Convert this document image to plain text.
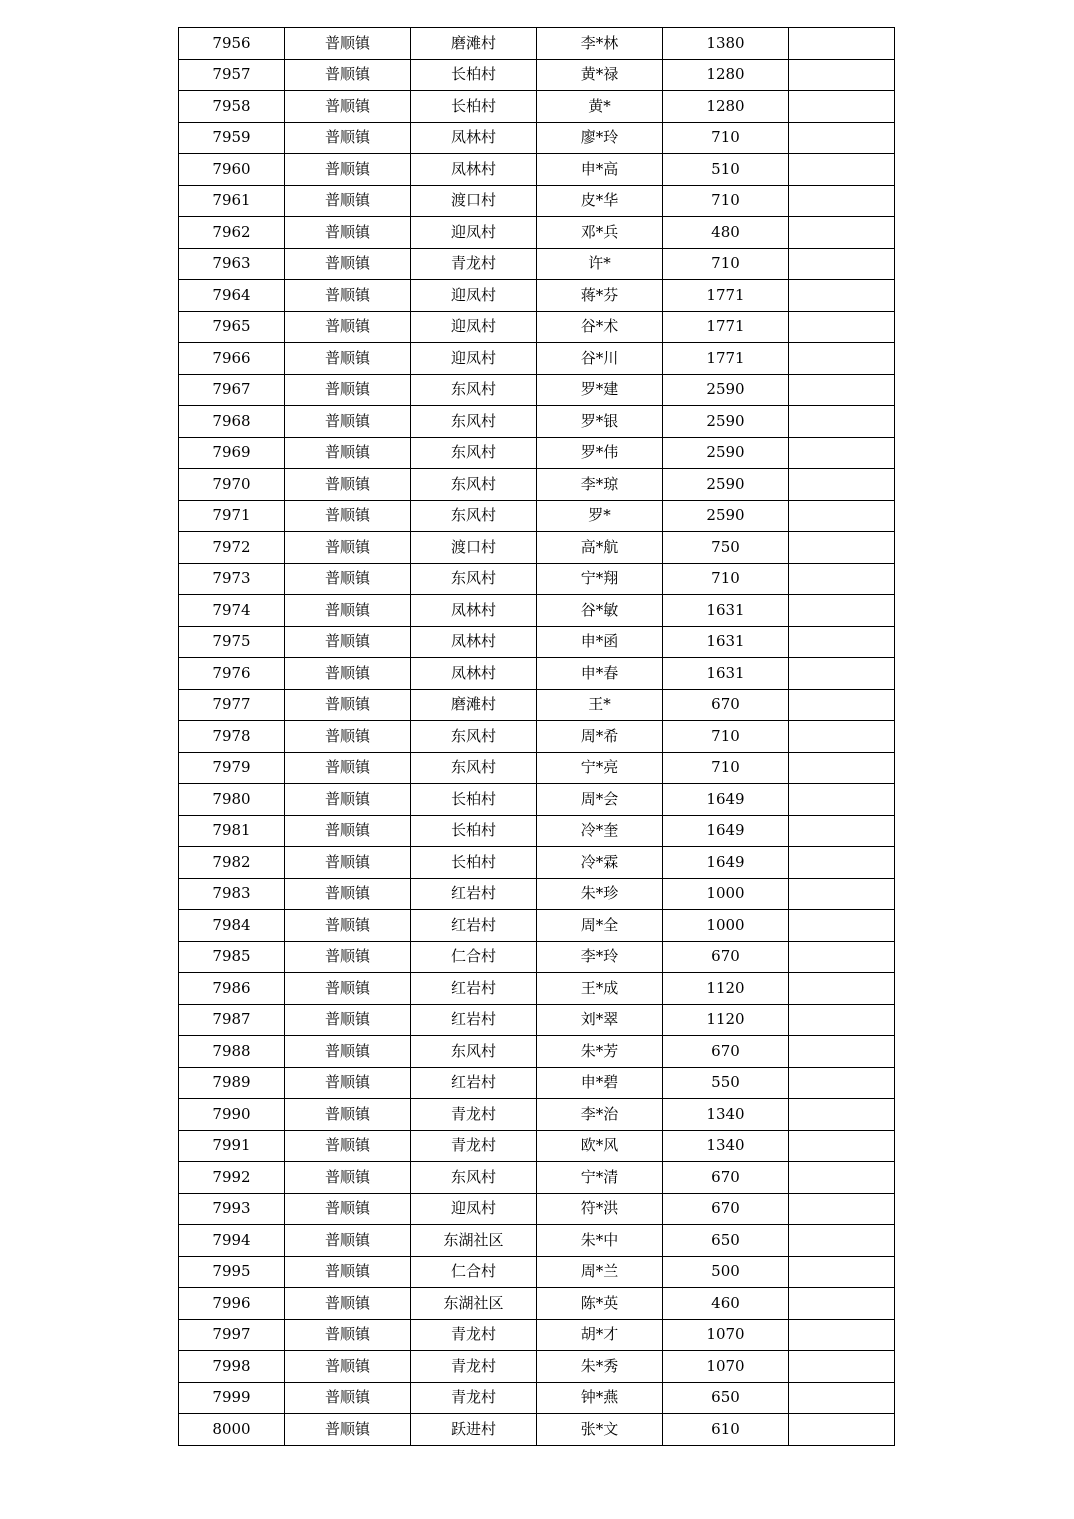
7956	普顺镇	磨滩村	李*林	1380	
7957	普顺镇	长柏村	黄*禄	1280	
7958	普顺镇	长柏村	黄*	1280	
7959	普顺镇	凤林村	廖*玲	710	
7960	普顺镇	凤林村	申*高	510	
7961	普顺镇	渡口村	皮*华	710	
7962	普顺镇	迎凤村	邓*兵	480	
7963	普顺镇	青龙村	许*	710	
7964	普顺镇	迎凤村	蒋*芬	1771	
7965	普顺镇	迎凤村	谷*术	1771	
7966	普顺镇	迎凤村	谷*川	1771	
7967	普顺镇	东风村	罗*建	2590	
7968	普顺镇	东风村	罗*银	2590	
7969	普顺镇	东风村	罗*伟	2590	
7970	普顺镇	东风村	李*琼	2590	
7971	普顺镇	东风村	罗*	2590	
7972	普顺镇	渡口村	高*航	750	
7973	普顺镇	东风村	宁*翔	710	
7974	普顺镇	凤林村	谷*敏	1631	
7975	普顺镇	凤林村	申*函	1631	
7976	普顺镇	凤林村	申*春	1631	
7977	普顺镇	磨滩村	王*	670	
7978	普顺镇	东风村	周*希	710	
7979	普顺镇	东风村	宁*亮	710	
7980	普顺镇	长柏村	周*会	1649	
7981	普顺镇	长柏村	冷*奎	1649	
7982	普顺镇	长柏村	冷*霖	1649	
7983	普顺镇	红岩村	朱*珍	1000	
7984	普顺镇	红岩村	周*全	1000	
7985	普顺镇	仁合村	李*玲	670	
7986	普顺镇	红岩村	王*成	1120	
7987	普顺镇	红岩村	刘*翠	1120	
7988	普顺镇	东风村	朱*芳	670	
7989	普顺镇	红岩村	申*碧	550	
7990	普顺镇	青龙村	李*治	1340	
7991	普顺镇	青龙村	欧*风	1340	
7992	普顺镇	东风村	宁*清	670	
7993	普顺镇	迎凤村	符*洪	670	
7994	普顺镇	东湖社区	朱*中	650	
7995	普顺镇	仁合村	周*兰	500	
7996	普顺镇	东湖社区	陈*英	460	
7997	普顺镇	青龙村	胡*才	1070	
7998	普顺镇	青龙村	朱*秀	1070	
7999	普顺镇	青龙村	钟*燕	650	
8000	普顺镇	跃进村	张*文	610	
